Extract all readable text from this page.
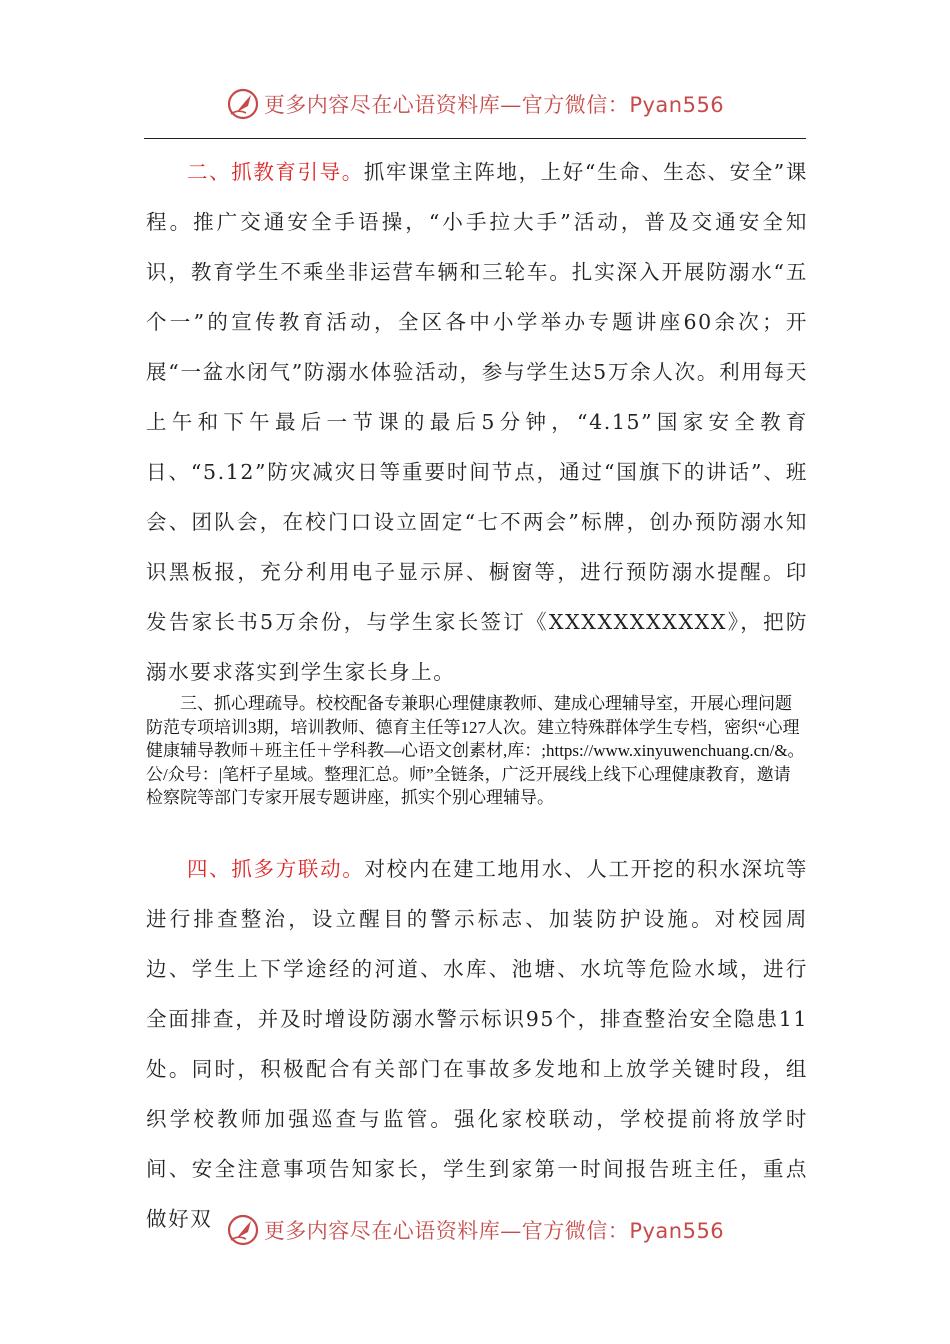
更多内容尽在心语资料库—官方微信：Pyan556
二、抓教育引导。抓牢课堂主阵地，上好“生命、生态、安全”课程。推广交通安全手语操，“小手拉大手”活动，普及交通安全知识，教育学生不乘坐非运营车辆和三轮车。扎实深入开展防溺水“五个一”的宣传教育活动，全区各中小学举办专题讲座60余次；开展“一盆水闭气”防溺水体验活动，参与学生达5万余人次。利用每天上午和下午最后一节课的最后5分钟，“4.15”国家安全教育日、“5.12”防灾减灾日等重要时间节点，通过“国旗下的讲话”、班会、团队会，在校门口设立固定“七不两会”标牌，创办预防溺水知识黑板报，充分利用电子显示屏、橱窗等，进行预防溺水提醒。印发告家长书5万余份，与学生家长签订《XXXXXXXXXXX》，把防溺水要求落实到学生家长身上。
三、抓心理疏导。校校配备专兼职心理健康教师、建成心理辅导室，开展心理问题防范专项培训3期，培训教师、德育主任等127人次。建立特殊群体学生专档，密织“心理健康辅导教师＋班主任＋学科教—心语文创素材,库：;https://www.xinyuwenchuang.cn/&。公/众号：|笔杆子星域。整理汇总。师”全链条，广泛开展线上线下心理健康教育，邀请检察院等部门专家开展专题讲座，抓实个别心理辅导。
四、抓多方联动。对校内在建工地用水、人工开挖的积水深坑等进行排查整治，设立醒目的警示标志、加装防护设施。对校园周边、学生上下学途经的河道、水库、池塘、水坑等危险水域，进行全面排查，并及时增设防溺水警示标识95个，排查整治安全隐患11处。同时，积极配合有关部门在事故多发地和上放学关键时段，组织学校教师加强巡查与监管。强化家校联动，学校提前将放学时间、安全注意事项告知家长，学生到家第一时间报告班主任，重点做好双	更多内容尽在心语资料库—官方微信：Pyan556
